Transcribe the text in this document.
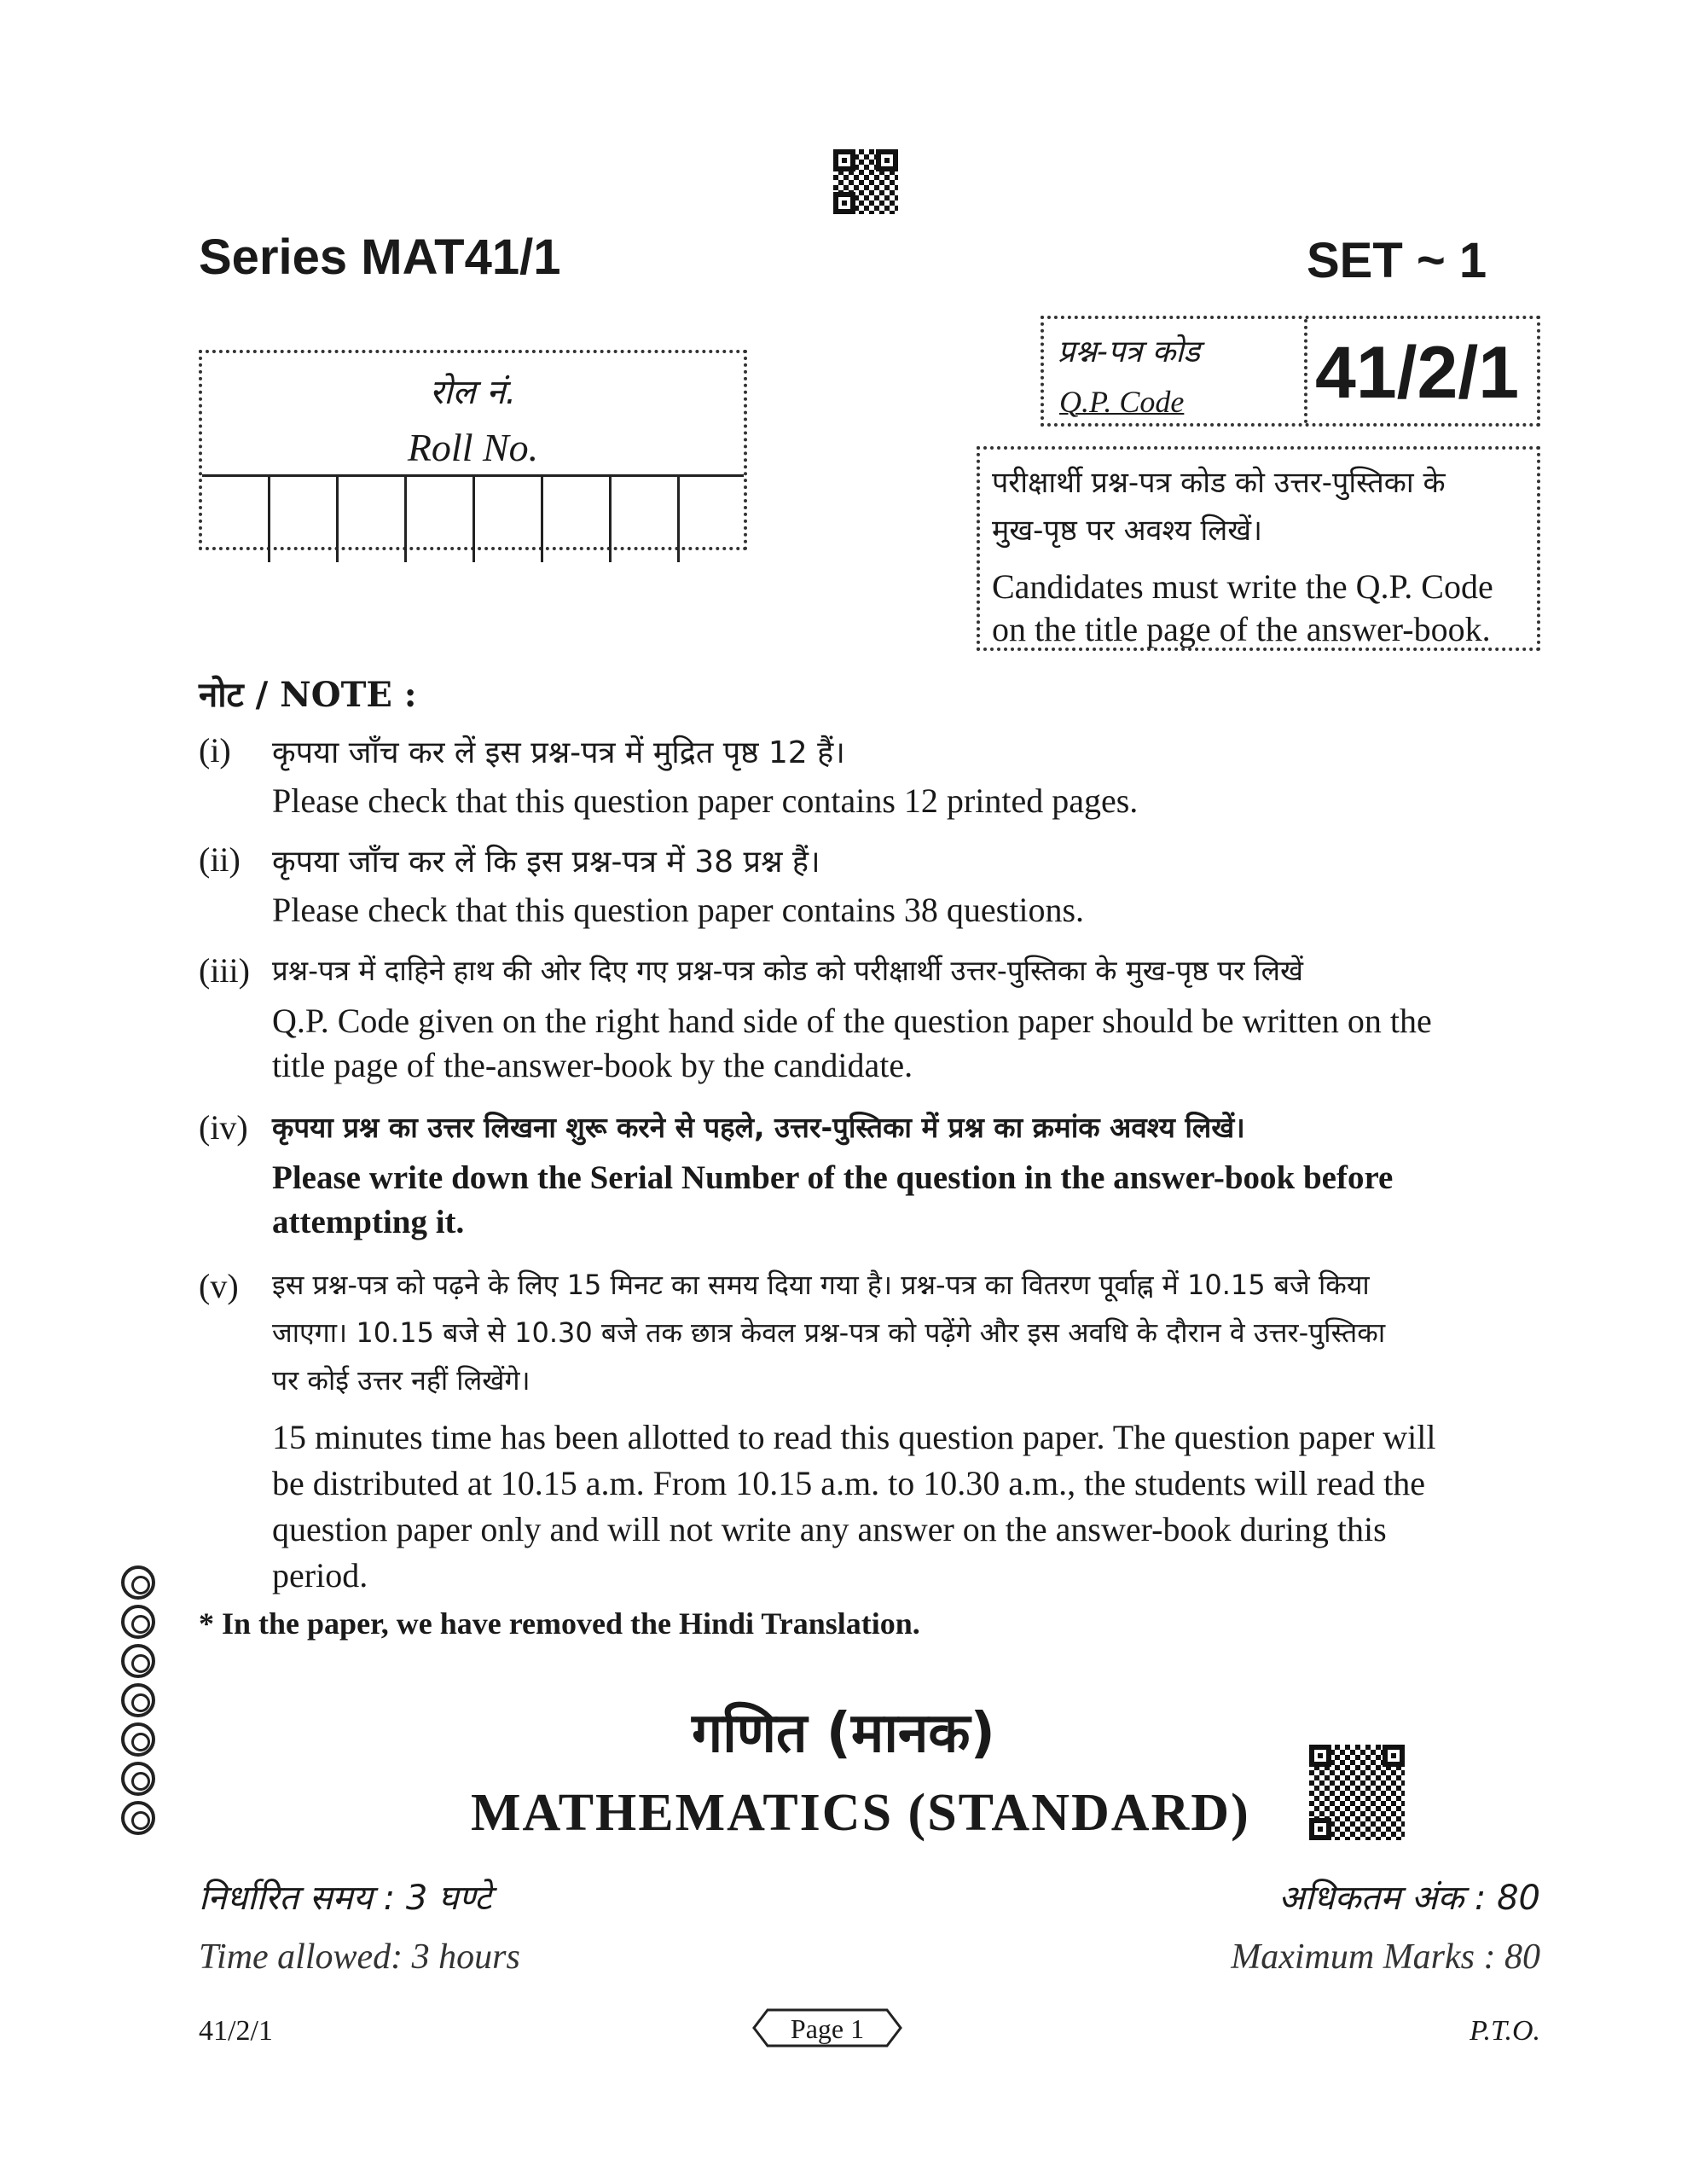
Series MAT41/1	SET ~ 1
रोल नं.
Roll No.
प्रश्न-पत्र कोड
Q.P. Code 41/2/1
परीक्षार्थी प्रश्न-पत्र कोड को उत्तर-पुस्तिका के
मुख-पृष्ठ पर अवश्य लिखें।
Candidates must write the Q.P. Code
on the title page of the answer-book.
नोट / NOTE :
(i) कृपया जाँच कर लें इस प्रश्न-पत्र में मुद्रित पृष्ठ 12 हैं।
Please check that this question paper contains 12 printed pages.
(ii) कृपया जाँच कर लें कि इस प्रश्न-पत्र में 38 प्रश्न हैं।
Please check that this question paper contains 38 questions.
(iii) प्रश्न-पत्र में दाहिने हाथ की ओर दिए गए प्रश्न-पत्र कोड को परीक्षार्थी उत्तर-पुस्तिका के मुख-पृष्ठ पर लिखें
Q.P. Code given on the right hand side of the question paper should be written on the
title page of the-answer-book by the candidate.
(iv) कृपया प्रश्न का उत्तर लिखना शुरू करने से पहले, उत्तर-पुस्तिका में प्रश्न का क्रमांक अवश्य लिखें।
Please write down the Serial Number of the question in the answer-book before
attempting it.
(v) इस प्रश्न-पत्र को पढ़ने के लिए 15 मिनट का समय दिया गया है। प्रश्न-पत्र का वितरण पूर्वाह्न में 10.15 बजे किया
जाएगा। 10.15 बजे से 10.30 बजे तक छात्र केवल प्रश्न-पत्र को पढ़ेंगे और इस अवधि के दौरान वे उत्तर-पुस्तिका
पर कोई उत्तर नहीं लिखेंगे।
15 minutes time has been allotted to read this question paper. The question paper will
be distributed at 10.15 a.m. From 10.15 a.m. to 10.30 a.m., the students will read the
question paper only and will not write any answer on the answer-book during this
period.
* In the paper, we have removed the Hindi Translation.
गणित (मानक)
MATHEMATICS (STANDARD)
निर्धारित समय : 3 घण्टे	अधिकतम अंक : 80
Time allowed: 3 hours	Maximum Marks : 80
41/2/1	Page 1	P.T.O.
